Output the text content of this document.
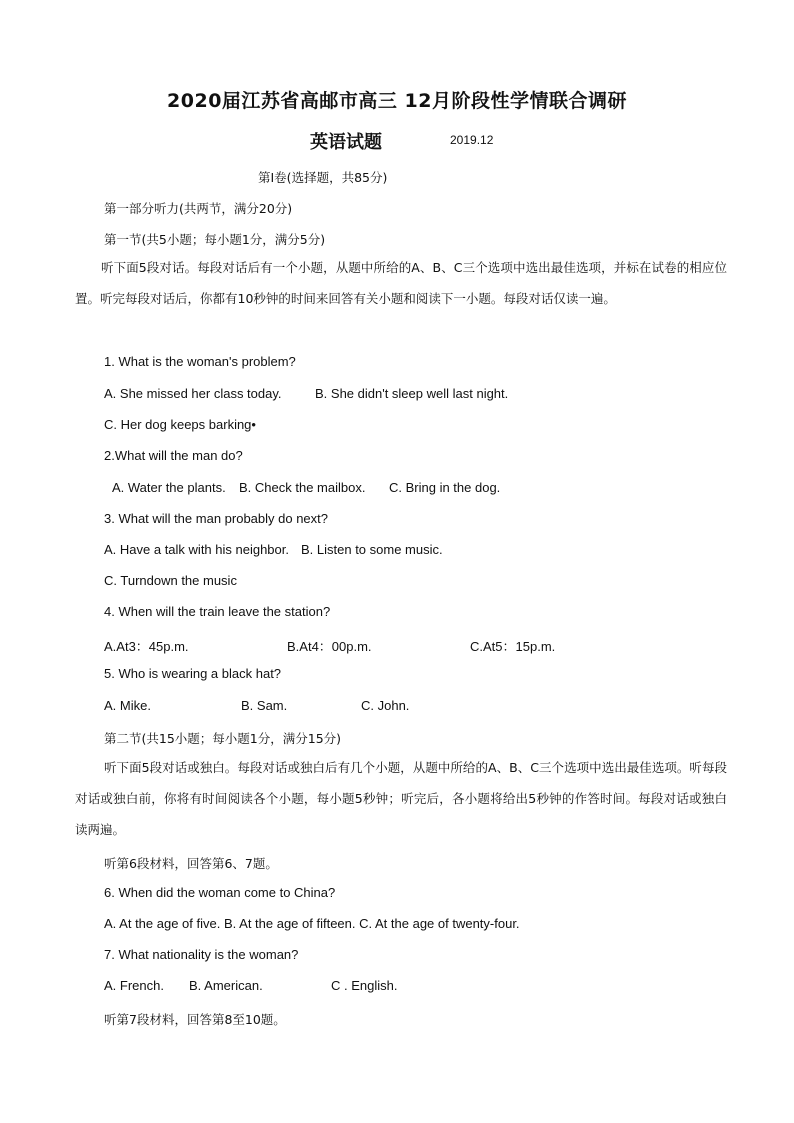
2020届江苏省高邮市高三 12月阶段性学情联合调研
英语试题	2019.12
第Ⅰ卷(选择题，共85分)
第一部分听力(共两节，满分20分)
第一节(共5小题；每小题1分，满分5分)
听下面5段对话。每段对话后有一个小题，从题中所给的A、B、C三个选项中选出最佳选项，并标在试卷的相应位置。听完每段对话后，你都有10秒钟的时间来回答有关小题和阅读下一小题。每段对话仅读一遍。
1. What is the woman's problem?
A. She missed her class today.	B. She didn't sleep well last night.
C. Her dog keeps barking•
2.What will the man do?
A. Water the plants. B. Check the mailbox. C. Bring in the dog.
3. What will the man probably do next?
A. Have a talk with his neighbor. B. Listen to some music.
C. Turndown the music
4. When will the train leave the station?
A.At3：45p.m.	B.At4：00p.m.	C.At5：15p.m.
5. Who is wearing a black hat?
A. Mike.	B. Sam.	C. John.
第二节(共15小题；每小题1分，满分15分)
听下面5段对话或独白。每段对话或独白后有几个小题，从题中所给的A、B、C三个选项中选出最佳选项。听每段对话或独白前，你将有时间阅读各个小题，每小题5秒钟；听完后，各小题将给出5秒钟的作答时间。每段对话或独白读两遍。
听第6段材料，回答第6、7题。
6. When did the woman come to China?
A. At the age of five. B. At the age of fifteen. C. At the age of twenty-four.
7. What nationality is the woman?
A. French. B. American.	C . English.
听第7段材料，回答第8至10题。
